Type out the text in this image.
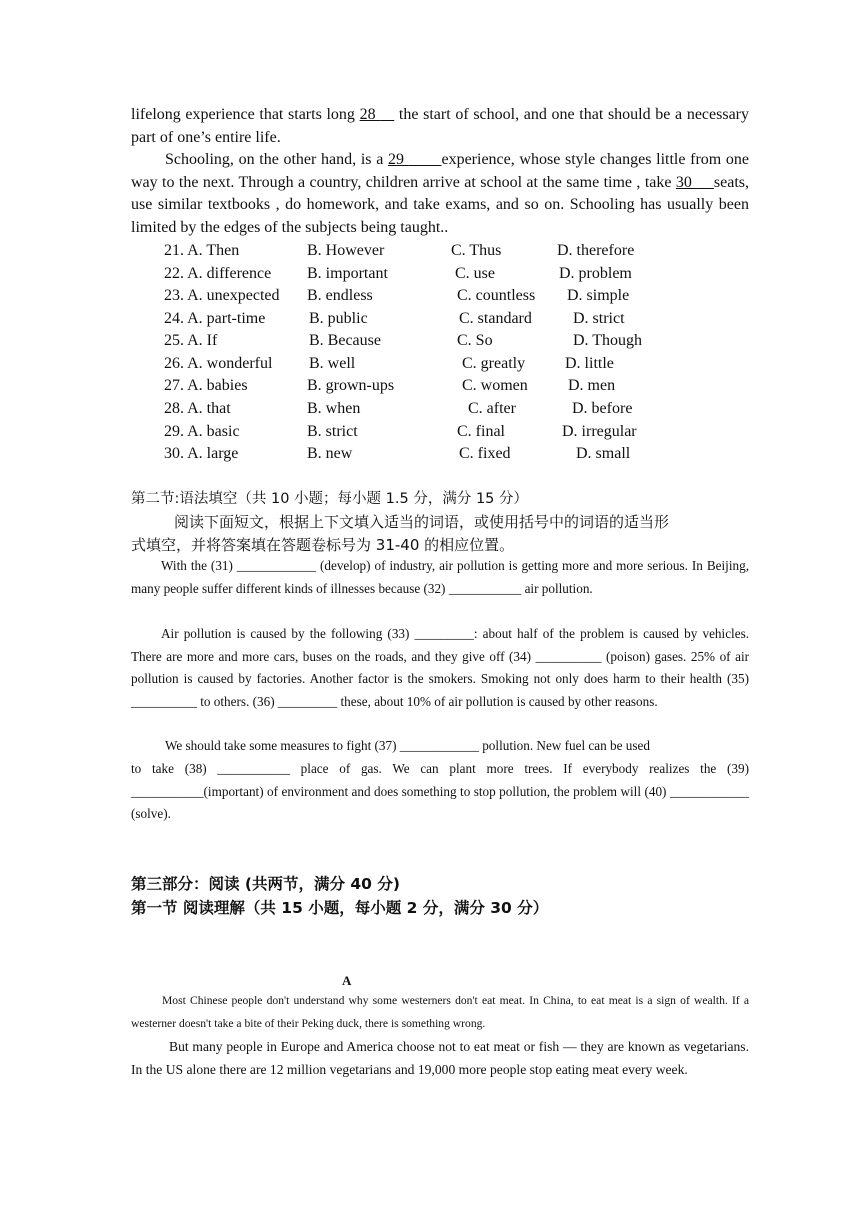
lifelong experience that starts long 28     the start of school, and one that should be a necessary part of one’s entire life.
Schooling, on the other hand, is a 29        experience, whose style changes little from one way to the next. Through a country, children arrive at school at the same time , take 30     seats, use similar textbooks , do homework, and take exams, and so on. Schooling has usually been limited by the edges of the subjects being taught..
21. A. Then	B. However	C. Thus	D. therefore
22. A. difference B. important	C. use	D. problem
23. A. unexpected B. endless	C. countless D. simple
24. A. part-time	B. public	C. standard	D. strict
25. A. If	B. Because	C. So	D. Though
26. A. wonderful B. well	C. greatly D. little
27. A. babies	B. grown-ups	C. women	D. men
28. A. that	B. when	C. after	D. before
29. A. basic	B. strict	C. final	D. irregular
30. A. large	B. new	C. fixed	D. small
第二节:语法填空（共 10 小题；每小题 1.5 分，满分 15 分）
阅读下面短文，根据上下文填入适当的词语，或使用括号中的词语的适当形
式填空，并将答案填在答题卷标号为 31-40 的相应位置。
With the (31) ____________ (develop) of industry, air pollution is getting more and more serious. In Beijing, many people suffer different kinds of illnesses because (32) ___________ air pollution.
Air pollution is caused by the following (33) _________: about half of the problem is caused by vehicles. There are more and more cars, buses on the roads, and they give off (34) __________ (poison) gases. 25% of air pollution is caused by factories. Another factor is the smokers. Smoking not only does harm to their health (35) __________ to others. (36) _________ these, about 10% of air pollution is caused by other reasons.
We should take some measures to fight (37) ____________ pollution. New fuel can be used
to take (38) ___________ place of gas. We can plant more trees. If everybody realizes the (39) ___________(important) of environment and does something to stop pollution, the problem will (40) ____________ (solve).
第三部分：阅读 (共两节，满分 40 分)
第一节 阅读理解（共 15 小题，每小题 2 分，满分 30 分）
A
Most Chinese people don't understand why some westerners don't eat meat. In China, to eat meat is a sign of wealth. If a westerner doesn't take a bite of their Peking duck, there is something wrong.
But many people in Europe and America choose not to eat meat or fish — they are known as vegetarians. In the US alone there are 12 million vegetarians and 19,000 more people stop eating meat every week.
